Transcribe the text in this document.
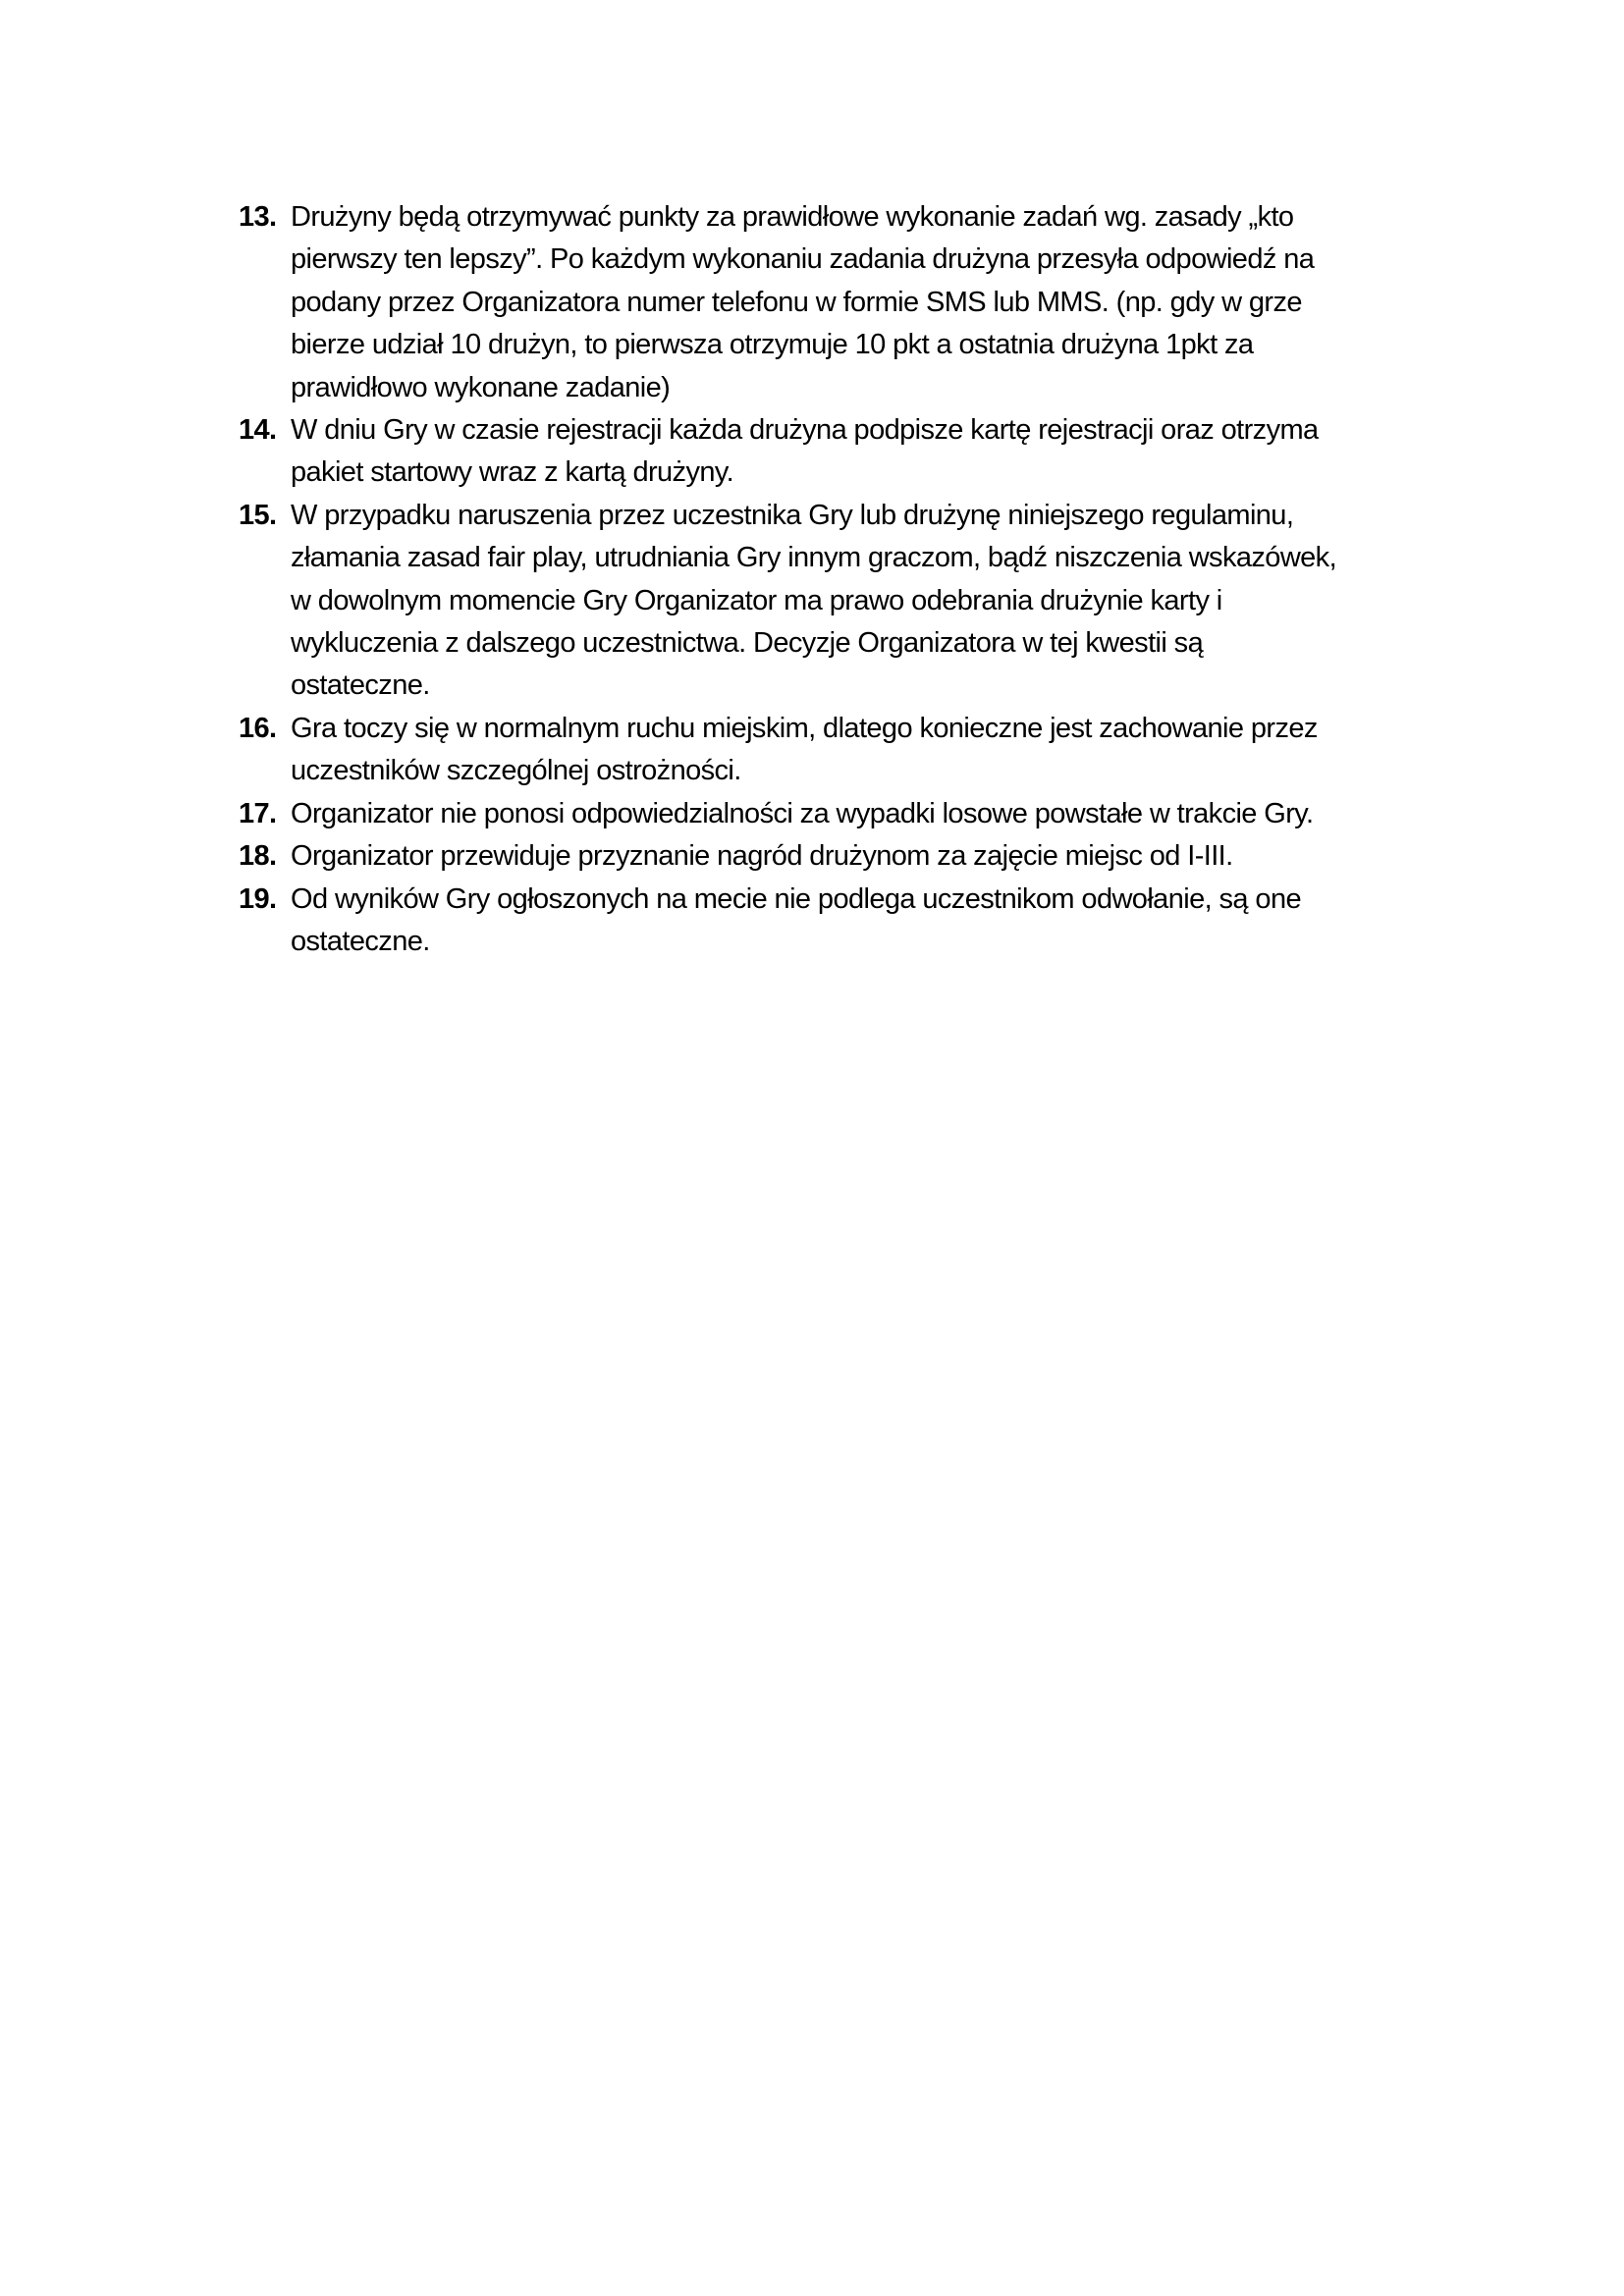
13. Drużyny będą otrzymywać punkty za prawidłowe wykonanie zadań wg. zasady „kto
pierwszy ten lepszy”. Po każdym wykonaniu zadania drużyna przesyła odpowiedź na
podany przez Organizatora numer telefonu w formie SMS lub MMS. (np. gdy w grze
bierze udział 10 drużyn, to pierwsza otrzymuje 10 pkt a ostatnia drużyna 1pkt za
prawidłowo wykonane zadanie)
14. W dniu Gry w czasie rejestracji każda drużyna podpisze kartę rejestracji oraz otrzyma
pakiet startowy wraz z kartą drużyny.
15. W przypadku naruszenia przez uczestnika Gry lub drużynę niniejszego regulaminu,
złamania zasad fair play, utrudniania Gry innym graczom, bądź niszczenia wskazówek,
w dowolnym momencie Gry Organizator ma prawo odebrania drużynie karty i
wykluczenia z dalszego uczestnictwa. Decyzje Organizatora w tej kwestii są
ostateczne.
16. Gra toczy się w normalnym ruchu miejskim, dlatego konieczne jest zachowanie przez
uczestników szczególnej ostrożności.
17. Organizator nie ponosi odpowiedzialności za wypadki losowe powstałe w trakcie Gry.
18. Organizator przewiduje przyznanie nagród drużynom za zajęcie miejsc od I-III.
19. Od wyników Gry ogłoszonych na mecie nie podlega uczestnikom odwołanie, są one
ostateczne.
